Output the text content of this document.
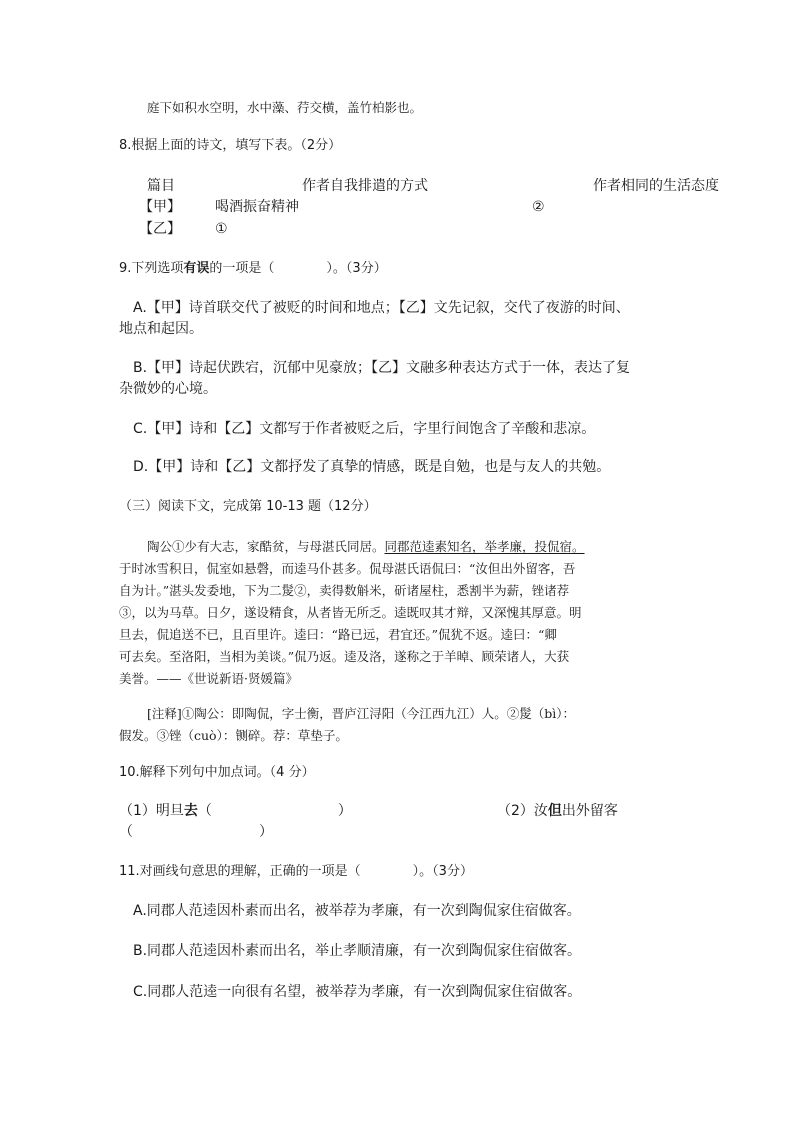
庭下如积水空明，水中藻、荇交横，盖竹柏影也。
8.根据上面的诗文，填写下表。（2分）
篇目	作者自我排遣的方式	作者相同的生活态度
【甲】 喝酒振奋精神	②
【乙】 ①
9.下列选项有误的一项是（　　　　）。（3分）
A.【甲】诗首联交代了被贬的时间和地点；【乙】文先记叙，交代了夜游的时间、
地点和起因。
B.【甲】诗起伏跌宕，沉郁中见豪放；【乙】文融多种表达方式于一体，表达了复
杂微妙的心境。
C.【甲】诗和【乙】文都写于作者被贬之后，字里行间饱含了辛酸和悲凉。
D.【甲】诗和【乙】文都抒发了真挚的情感，既是自勉，也是与友人的共勉。
（三）阅读下文，完成第 10-13 题（12分）
陶公①少有大志，家酷贫，与母湛氏同居。同郡范逵素知名，举孝廉，投侃宿。
于时冰雪积日，侃室如悬磬，而逵马仆甚多。侃母湛氏语侃曰：“汝但出外留客，吾
自为计。”湛头发委地，下为二髲②，卖得数斛米，斫诸屋柱，悉割半为薪，锉诸荐
③，以为马草。日夕，遂设精食，从者皆无所乏。逵既叹其才辩，又深愧其厚意。明
旦去，侃追送不已，且百里许。逵曰：“路已远，君宜还。”侃犹不返。逵曰：“卿
可去矣。至洛阳，当相为美谈。”侃乃返。逵及洛，遂称之于羊晫、顾荣诸人，大获
美誉。——《世说新语·贤媛篇》
[注释]①陶公：即陶侃，字士衡，晋庐江浔阳（今江西九江）人。②髲（bì）：
假发。③锉（cuò）：铡碎。荐：草垫子。
10.解释下列句中加点词。（4 分）
（1）明旦去（　　　　　　　　　）	（2）汝但出外留客
（　　　　　　　　　）
11.对画线句意思的理解，正确的一项是（　　　　）。（3分）
A.同郡人范逵因朴素而出名，被举荐为孝廉，有一次到陶侃家住宿做客。
B.同郡人范逵因朴素而出名，举止孝顺清廉，有一次到陶侃家住宿做客。
C.同郡人范逵一向很有名望，被举荐为孝廉，有一次到陶侃家住宿做客。
